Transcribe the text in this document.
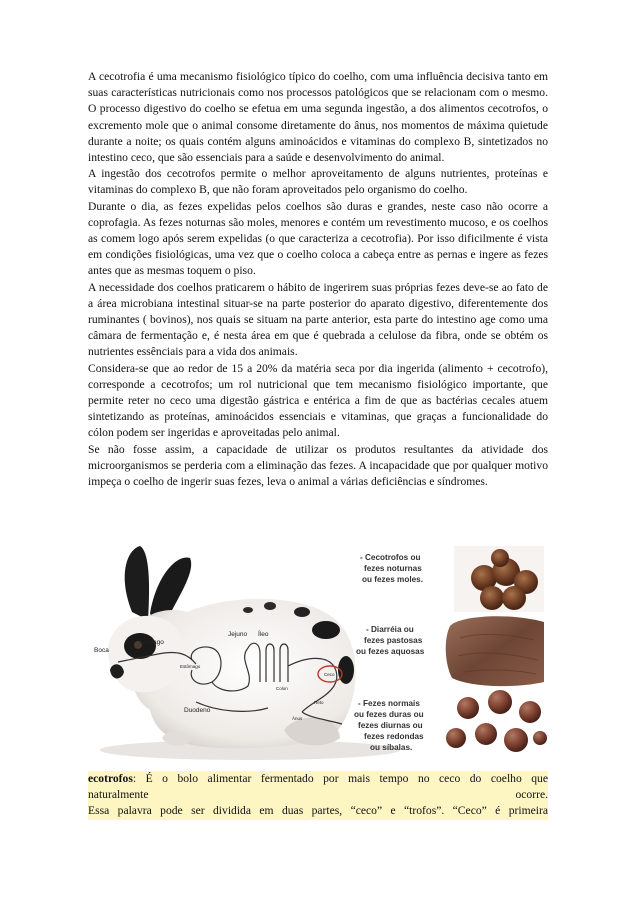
A cecotrofia é uma mecanismo fisiológico típico do coelho, com uma influência decisiva tanto em suas características nutricionais como nos processos patológicos que se relacionam com o mesmo. O processo digestivo do coelho se efetua em uma segunda ingestão, a dos alimentos cecotrofos, o excremento mole que o animal consome diretamente do ânus, nos momentos de máxima quietude durante a noite; os quais contém alguns aminoácidos e vitaminas do complexo B, sintetizados no intestino ceco, que são essenciais para a saúde e desenvolvimento do animal.

A ingestão dos cecotrofos permite o melhor aproveitamento de alguns nutrientes, proteínas e vitaminas do complexo B, que não foram aproveitados pelo organismo do coelho.

Durante o dia, as fezes expelidas pelos coelhos são duras e grandes, neste caso não ocorre a coprofagia. As fezes noturnas são moles, menores e contém um revestimento mucoso, e os coelhos as comem logo após serem expelidas (o que caracteriza a cecotrofia). Por isso dificilmente é vista em condições fisiológicas, uma vez que o coelho coloca a cabeça entre as pernas e ingere as fezes antes que as mesmas toquem o piso.

A necessidade dos coelhos praticarem o hábito de ingerirem suas próprias fezes deve-se ao fato de a área microbiana intestinal situar-se na parte posterior do aparato digestivo, diferentemente dos ruminantes ( bovinos), nos quais se situam na parte anterior, esta parte do intestino age como uma câmara de fermentação e, é nesta área em que é quebrada a celulose da fibra, onde se obtém os nutrientes essênciais para a vida dos animais.

Considera-se que ao redor de 15 a 20% da matéria seca por dia ingerida (alimento + cecotrofo), corresponde a cecotrofos; um rol nutricional que tem mecanismo fisiológico importante, que permite reter no ceco uma digestão gástrica e entérica a fim de que as bactérias cecales atuem sintetizando as proteínas, aminoácidos essenciais e vitaminas, que graças a funcionalidade do cólon podem ser ingeridas e aproveitadas pelo animal.

Se não fosse assim, a capacidade de utilizar os produtos resultantes da atividade dos microorganismos se perderia com a eliminação das fezes. A incapacidade que por qualquer motivo impeça o coelho de ingerir suas fezes, leva o animal a várias deficiências e síndromes.

Boca
Esôfago
Jejuno Íleo
Estômago
Duodeno
Ceco
Colon
Reto
Ânus
- Cecotrofos ou
fezes noturnas
ou fezes moles.
- Diarréia ou
fezes pastosas
ou fezes aquosas
- Fezes normais
ou fezes duras ou
fezes diurnas ou
fezes redondas
ou síbalas.

ecotrofos: É o bolo alimentar fermentado por mais tempo no ceco do coelho que

naturalmente	ocorre.

Essa palavra pode ser dividida em duas partes, “ceco” e “trofos”. “Ceco” é primeira
